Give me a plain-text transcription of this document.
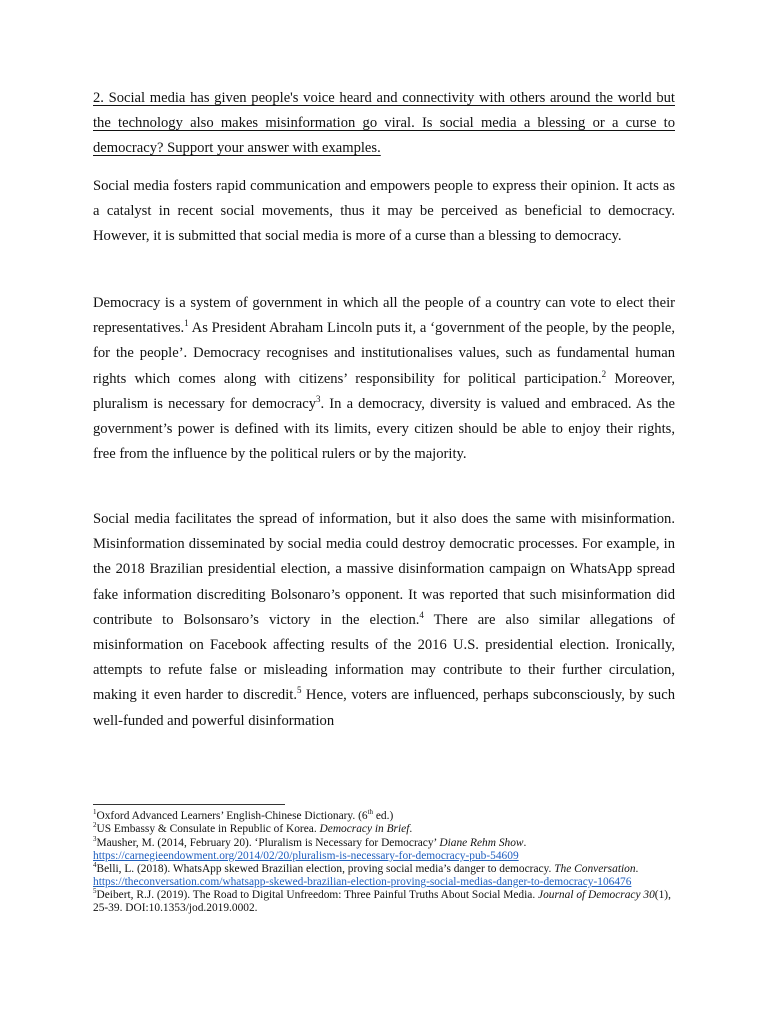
2. Social media has given people's voice heard and connectivity with others around the world but the technology also makes misinformation go viral. Is social media a blessing or a curse to democracy? Support your answer with examples.

Social media fosters rapid communication and empowers people to express their opinion. It acts as a catalyst in recent social movements, thus it may be perceived as beneficial to democracy. However, it is submitted that social media is more of a curse than a blessing to democracy.

Democracy is a system of government in which all the people of a country can vote to elect their representatives.$^1$ As President Abraham Lincoln puts it, a ‘government of the people, by the people, for the people’. Democracy recognises and institutionalises values, such as fundamental human rights which comes along with citizens’ responsibility for political participation.$^2$ Moreover, pluralism is necessary for democracy$^3$. In a democracy, diversity is valued and embraced. As the government’s power is defined with its limits, every citizen should be able to enjoy their rights, free from the influence by the political rulers or by the majority.

Social media facilitates the spread of information, but it also does the same with misinformation. Misinformation disseminated by social media could destroy democratic processes. For example, in the 2018 Brazilian presidential election, a massive disinformation campaign on WhatsApp spread fake information discrediting Bolsonaro’s opponent. It was reported that such misinformation did contribute to Bolsonsaro’s victory in the election.$^4$ There are also similar allegations of misinformation on Facebook affecting results of the 2016 U.S. presidential election. Ironically, attempts to refute false or misleading information may contribute to their further circulation, making it even harder to discredit.$^5$ Hence, voters are influenced, perhaps subconsciously, by such well-funded and powerful disinformation

$^1$Oxford Advanced Learners’ English-Chinese Dictionary. (6th ed.)

$^2$US Embassy & Consulate in Republic of Korea. Democracy in Brief.

$^3$Mausher, M. (2014, February 20). ‘Pluralism is Necessary for Democracy’ Diane Rehm Show.
https://carnegieendowment.org/2014/02/20/pluralism-is-necessary-for-democracy-pub-54609

$^4$Belli, L. (2018). WhatsApp skewed Brazilian election, proving social media’s danger to democracy. The Conversation. https://theconversation.com/whatsapp-skewed-brazilian-election-proving-social-medias-danger-to-democracy-106476

$^5$Deibert, R.J. (2019). The Road to Digital Unfreedom: Three Painful Truths About Social Media. Journal of Democracy 30(1), 25-39. DOI:10.1353/jod.2019.0002.
